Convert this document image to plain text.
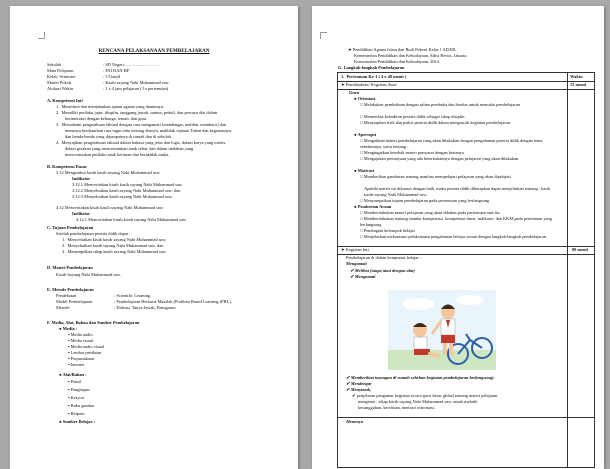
RENCANA PELAKSANAAN PEMBELAJARAN
Sekolah	: SD Negeri……………………
Mata Pelajaran	: PAI DAN BP
Kelas/ Semester	: I /Ganjil
Materi Pokok	: Kasih sayang Nabi Muhammad saw.
Alokasi Waktu	: 1 x 4 jam pelajaran ( 1x pertemuan)
A. Kompetensi Inti
1.  Menerima dan menjalankan ajaran agama yang dianutnya.
2.  Memiliki perilaku jujur, disiplin, tanggung jawab, santun, peduli, dan percaya diri dalam
berinteraksi dengan keluarga, teman, dan guru.
3.  Memahami pengetahuan faktual dengan cara mengamati [mendengar, melihat, membaca] dan
menanya berdasarkan rasa ingin tahu tentang dirinya, makhluk ciptaan Tuhan dan kegiatannya,
dan benda-benda yang dijumpainya di rumah dan di sekolah.
4.  Menyajikan pengetahuan faktual dalam bahasa yang jelas dan logis, dalam karya yang estetis,
dalam gerakan yang mencerminkan anak sehat, dan dalam tindakan yang
mencerminkan perilaku anak beriman dan berakhlak mulia.
B. Kompetensi Dasar
3.12 Mengetahui kisah kasih sayang Nabi Muhammad saw.
Indikator
3.12.1 Menceritakan kisah kasih sayang Nabi Muhammad saw.
3.12.2 Menyebutkan kasih sayang Nabi Muhammad saw. dan
3.12.3 Menyebutkan kasih sayang Nabi Muhammad saw.
4.12 Menceritakan kisah kasih sayang Nabi Muhammad saw.
Indikator
4.12.1 Menceritakan kisah kasih sayang Nabi Muhammad saw.
C. Tujuan Pembelajaran
Setelah pembelajaran peserta didik dapat :
1.  Menceritakan kisah kasih sayang Nabi Muhammad saw.
2.  Menyebutkan kasih sayang Nabi Muhammad saw. dan
3.  Menampilkan sikap kasih sayang Nabi Muhammad saw.
D. Materi Pembelajaran
Kasih Sayang Nabi Muhammad saw.
E. Metode Pembelajaran
Pendekatan	: Scientific Learning
Model Pembelajaran	: Pembelajaran Berbasis Masalah (Problem Based Learning (PBL),
Metode	: Diskusi, Tanya Jawab, Penugasan
F. Media, Alat, Bahan dan Sumber Pembelajaran
● Media :
▪ Media audio
▪ Media visual
▪ Media audio visual
▪ Lembar penilaian
▪ Perpustakaan
▪ Internet
● Alat/Bahan :
▪ Pensil
▪ Penghapus
▪ Krayon
▪ Buku gambar
▪ Belpoin
● Sumber Belajar :
➤ Pendidikan Agama Islam dan Budi Pekerti Kelas 1 SD/MI,
Kementerian Pendidikan dan Kebudayaan, Edisi Revisi, Jakarta.
Kementerian Pendidikan dan Kebudayaan, 2014.
G. Langkah-langkah Pembelajaran
1.  Pertemuan Ke-1 ( 4 x 40 menit )	Waktu
➤ Pendahuluan/ Kegiatan Awal	15 menit
Guru
● Orientasi
□ Melakukan pembukaan dengan salam pembuka dan berdoa untuk memulai pembelajaran
□ Memeriksa kehadiran peserta didik sebagai sikap disiplin
□ Menyiapkan fisik dan psikis peserta didik dalam mengawali kegiatan pembelajaran.
● Apersepsi
□ Mengaitkan materi pembelajaran yang akan dilakukan dengan pengalaman peserta didik dengan tema sebelumnya, yaitu tentang :
□ Mengingatkan kembali materi prasyarat dengan bertanya.
□ Mengajukan pertanyaan yang ada keterkaitannya dengan pelajaran yang akan dilakukan.
● Motivasi
□ Memberikan gambaran tentang manfaat mempelajari pelajaran yang akan dipelajari.
Apabila materi ini dikuasai dengan baik, maka peserta didik diharapkan dapat menjelaskan tentang : kasih kasih sayang Nabi Muhammad saw.
□ Menyampaikan tujuan pembelajaran pada pertemuan yang berlangsung
● Pemberian Acuan
□ Memberitahukan materi pelajaran yang akan dibahas pada pertemuan saat itu.
□ Memberitahukan tentang standar kompetensi, kompetensi dasar, indikator, dan KKM pada pertemuan yang berlangsung
□ Pembagian kelompok belajar
□ Menjelaskan mekanisme pelaksanaan pengalaman belajar sesuai dengan langkah-langkah pembelajaran.
➤ Kegiatan Inti	90 menit
Pembelajaran di dalam komputasi belajar :
Mengamati
✔ Melihat (tanpa atau dengan alat)
✔ Mengamati
✔ Memberikan tayangan di rumah sebelum kegiatan pembelajaran berlangsung).
✔ Mendengar
✔ Menyimak,
✔ penjelasan pengantar kegiatan secara garis besar global tentang materi pelajaran
mengenai : sikap kasih sayang Nabi Muhammad saw. untuk melatih
kesungguhan, ketelitian, mencari informasi.
Menanya
